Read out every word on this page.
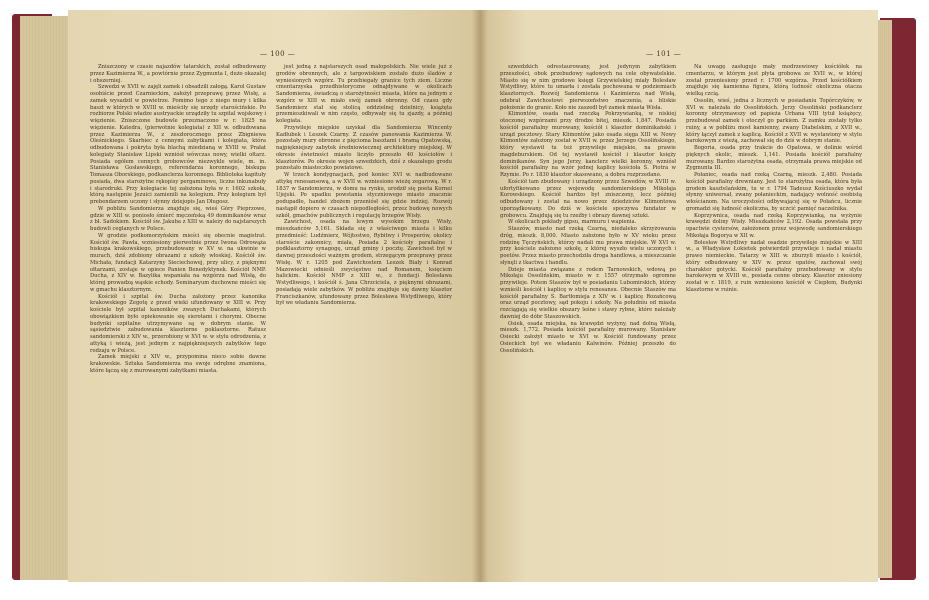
— 100 —

Zniszczony w czasie najazdów tatarskich, został odbudowany przez Kazimierza W., a powtórnie przez Zygmunta I, dużo okazalej i obszerniej.

Szwedzi w XVII w. zajęli zamek i obsadzili załogą. Karol Gustaw osobiście przed Czarnieckim, założył przeprawę przez Wisłę, a zamek wysadził w powietrze. Pomimo tego z niego mury i kilka baszt w których w XVIII w. mieściły się urzędy starościńskie. Po rozbiorze Polski władze austryackie urządziły tu szpital wojskowy i więzienie. Zniszczone budowle przeznaczono w r. 1825 na więzienie. Katedra, (pierwotnie kolegiata) z XII w. odbudowana przez Kazimierza W., z zeszłorocznego przez Zbigniewa Oleśnickiego. Skarbiec z cennymi zabytkami i kolegiata, która odbudowana i pokryta była blachą miedzianą w XVIII w. Prałat kolegiaty Stanisław Lipski wzniósł wówczas nowy, wielki ołtarz. Posiada ogółem cennych grobowców niezwykle wiele, m. in. Stanisława Gosławskiego, referendarza koronnego, biskupa Tomasza Oborskiego, podkanclerza koronnego. Biblioteka kapituły posiada, dwa starożytne rękopisy pergaminowe, liczne inkunabuły i starodruki. Przy kolegiacie tej założona była w r. 1602 szkoła, którą następnie Jezuici zamienili na kolegium. Przy kolegium był prebendarzem uczony i słynny dziejopis Jan Długosz.

W pobliżu Sandomierza znajduje się, wieś Góry Pieprzowe, gdzie w XIII w. poniosło śmierć męczeńską 49 dominikanów wraz z bł. Sadokiem. Kościół św. Jakuba z XIII w. należy do najstarszych budowli ceglanych w Polsce.

W grodzie podkomorzyńskim mieści się obecnie magistrat. Kościół św. Pawła, wzniesiony pierwotnie przez Iwona Odrowąża biskupa krakowskiego, przebudowany w XV w. na ukwinie w murach, dziś zdobiony obrazami z szkoły włoskiej. Kościół św. Michała, fundacji Katarzyny Sieciechowej, przy ulicy, z pięknymi ołtarzami, zostaje w opiece Panien Benedyktynek. Kościół NMP. Ducha, z XIV w. Bazylika wspaniała na wzgórzu nad Wisłą, do której prowadzą wąskie schody. Seminaryum duchowne mieści się w gmachu klasztornym.

Kościół i szpital św. Ducha założony przez kanonika krakowskiego Zegotę z przed wieki ufundowany w XIII w. Przy kościele był szpital kanoników zwanych Duchakami, których obowiązkiem było opiekowanie się sierotami i chorymi. Obecne budynki szpitalne utrzymywane są w dobrym stanie. W sąsiedztwie zabudowania klasztorne poklasztorne. Ratusz sandomierski z XIV w., przerobiony w XVI w. w stylu odrodzenia, z attyką i wieżą, jest jednym z najpiękniejszych zabytków tego rodzaju w Polsce.

Zamek miejski z XIV w., przypomina nieco sobie dawne krakowskie. Sztuka Sandomierza ma swoje odrębne znamiona, które łączą się z murowanymi zabytkami miasta.

jest jedną z najstarszych osad małopolskich. Nie wiele już z grodów obronnych, ale z targowiskiem zostało dużo śladów z wyniesionych wzgórz. Tu przebiegały granice tych ziem. Liczne cmentarzyska przedhistoryczne odnajdywane w okolicach Sandomierza, świadczą o starożytności miasta, które na jednym z wzgórz w XIII w. miało swój zamek obronny. Od czasu gdy Sandomierz stał się stolicą oddzielnej dzielnicy, książęta przemieszkiwali w nim często, odbywały się tu zjazdy, a później kolegiata.

Przywileje miejskie uzyskał dla Sandomierza Wincenty Kadłubek i Leszek Czarny. Z czasów panowania Kazimierza W. pozostały mury obronne z pięcioma basztami i bramą Opatowską, najpiękniejszy zabytek średniowiecznej architektury miejskiej. W okresie świetności miasto liczyło przeszło 40 kościołów i klasztorów. Po okresie wojen szwedzkich, dziś z okazałego grodu pozostało miasteczko powiatowe.

W trzech kondygnacjach, pod koniec XVI w. nadbudowano attykę renesansową, a w XVII w. wzniesiono wieżę zegarową. W r. 1837 w Sandomierzu, w domu na rynku, urodził się poeta Kornel Ujejski. Po upadku powstania styczniowego miasto znacznie podupadło, handel zbożem przeniósł się gdzie indziej. Rozwój nastąpił dopiero w czasach niepodległości, przez budowę nowych szkół, gmachów publicznych i regulację brzegów Wisły.

Zawichost, osada na lewym wysokim brzegu Wisły, mieszkańców 5,161. Składa się z właściwego miasta i kilku przedmieść: Ludźmierz, Wójtostwo, Rybitwy i Prosperów, okolicy staroście zakonnicy, miała, Posiada 2 kościoły parafialne i podklasztorny synagogę, urząd gminy i pocztę. Zawichost był w dawnej przeszłości ważnym grodem, strzegącym przeprawy przez Wisłę. W r. 1205 pod Zawichostem Leszek Biały i Konrad Mazowiecki odnieśli zwycięstwo nad Romanem, księciem halickim. Kościół NMP z XIII w., z fundacji Bolesława Wstydliwego, i kościół ś. Jana Chrzciciela, z pięknymi obrazami, posiadają wiele zabytków. W pobliżu znajduje się dawny klasztor Franciszkanów, ufundowany przez Bolesława Wstydliwego, który był we władaniu Sandomierza.

— 101 —

szwedzkich odrestaurowany, jest jedynym zabytkiem przeszłości, obok przebudowy sądowych na cele obywatelskie. Miasto się w nim grodowe księgi Grzywielskiej miały Bolesław Wstydliwy, które tu umarła i została pochowana w podziemiach klasztornych. Rozwój Sandomierza i Kazimierza nad Wisłą, odebrał Zawichostowi pierwszeństwo znaczenia, a bliskie położenie do granic. Koło nie zaszedł był zamek miasta Wisła.

Klimontów, osada nad rzeczką Pokrzywianką, w niskiej otoczonej wzgórzami przy drodze bitej, mieszk. 1,847. Posiada kościół parafialny murowany, kościół i klasztor dominikański i urząd pocztowy. Stary Klimontów jako osada sięga XIII w. Nowy Klimontów założony został w XVII w. przez Jerzego Ossolińskiego, który wystawił tu też przywileje miejskie, na prawie magdeburskiem. Od tej wystawił kościół i klasztor księży dominikanów. Syn jego Jerzy, kanclerz wielki koronny, wzniósł kościół parafialny na wzór jednej kaplicy kościoła Ś. Piotra w Rzymie. Po r. 1830 klasztor skasowano, a dobra rozprzedano.

Kościół tam zbudowany i urządzony przez Szwedów, w XVIII w. ufortyfikowano przez wojewodę sandomierskiego Mikołaja Kurowskiego. Kościół bardzo był zniszczony, lecz później odbudowany i został na nowo przez dziedziców Klimontowa uporządkowany. Do dziś w kościele spoczywa fundator w grobowcu. Znajdują się tu rzeźby i obrazy dawnej sztuki.

W okolicach pokłady gipsu, marmuru i wapienia.

Staszów, miasto nad rzeką Czarną, niedaleko skrzyżowania dróg, mieszk. 8,000. Miasto założone było w XV wieku przez rodzinę Tęczyńskich, którzy nadali mu prawa miejskie. W XVI w. przy kościele założono szkołę, z której wyszło wielu uczonych i poetów. Przez miasto przechodziła droga handlowa, a mieszczanie słynęli z tkactwa i handlu.

Dzieje miasta związane z rodem Tarnowskich, wdową po Mikołaju Ossolińskim, miasto w r. 1557 otrzymało ogromne przywileje. Potem Staszów był w posiadaniu Lubomirskich, którzy wznieśli kościół i kaplicę w stylu renesansu. Obecnie Staszów ma kościół parafialny Ś. Bartłomieja z XIV w. i kaplicę Rozańcową oraz urząd pocztowy, sąd pokoju i szkoły. Na południu od miasta rozciągają się wielkie obszary leśne i stawy rybne, które należały dawniej do dóbr Staszowskich.

Osiek, osada miejska, na krawędzi wyżyny, nad dolną Wisłą, mieszk. 1,772. Posiada kościół parafialny murowany. Stanisław Osiecki założył miasto w XVI w. Kościół fundowany przez Osieckich był we władaniu Kalwinów. Później przeszło do Ossolińskich.

Na uwagę zasługuje mały modrzewiowy kościółek na cmentarzu, w którym jest płyta grobowa ze XVII w., w której został przeniesiony przed r. 1700 wzgórza. Przed kościółkiem znajduje się kamienna figura, którą ludność okoliczna otacza wielką czcią.

Ossolin, wieś, jedna z licznych w posiadaniu Topórczyków, w XVI w. należała do Ossolińskich. Jerzy Ossoliński podkanclerz koronny otrzymawszy od papieża Urbana VIII tytuł książęcy, przebudował zamek i otoczył go parkiem. Z zamku zostały tylko ruiny, a w pobliżu most kamienny, zwany Diabelskim, z XVII w., który łączył zamek z kaplicą. Kościół z XVII w. wystawiony w stylu barokowym z wieżą, zachował się do dziś w dobrym stanie.

Bogoria, osada przy trakcie do Opatowa, w dolinie wśród pięknych okolic, mieszk. 1,141. Posiada kościół parafialny murowany. Bardzo starożytna osada, otrzymała prawa miejskie od Zygmunta III.

Połaniec, osada nad rzeką Czarną, mieszk. 2,480. Posiada kościół parafialny drewniany. Jest to starożytna osada, która była grodem kasztelańskim, tu w r. 1794 Tadeusz Kościuszko wydał słynny uniwersał, zwany połanieckim, nadający wolność osobistą włościanom. Na uroczystości odbywającej się w Połańcu, licznie gromadzi się ludność okoliczna, by uczcić pamięć naczelnika.

Koprzywnica, osada nad rzeką Koprzywianką, na wyżynie krawędzi doliny Wisły. Mieszkańców 2,192. Osada powstała przy opactwie cystersów, założonem przez wojewodę sandomierskiego Mikołaja Bogorya w XII w.

Bolesław Wstydliwy nadał osadzie przywileje miejskie w XIII w., a Władysław Łokietek potwierdził przywileje i nadał miastu prawo niemieckie. Tatarzy w XIII w. zburzyli miasto i kościół, który odbudowany w XIV w. przez opatów, zachował swój charakter gotycki. Kościół parafialny przebudowany w stylu barokowym w XVIII w., posiada cenne obrazy. Klasztor zniesiony został w r. 1819, z ruin wzniesiono kościół w Ciepłem, Budynki klasztorne w ruinie.
